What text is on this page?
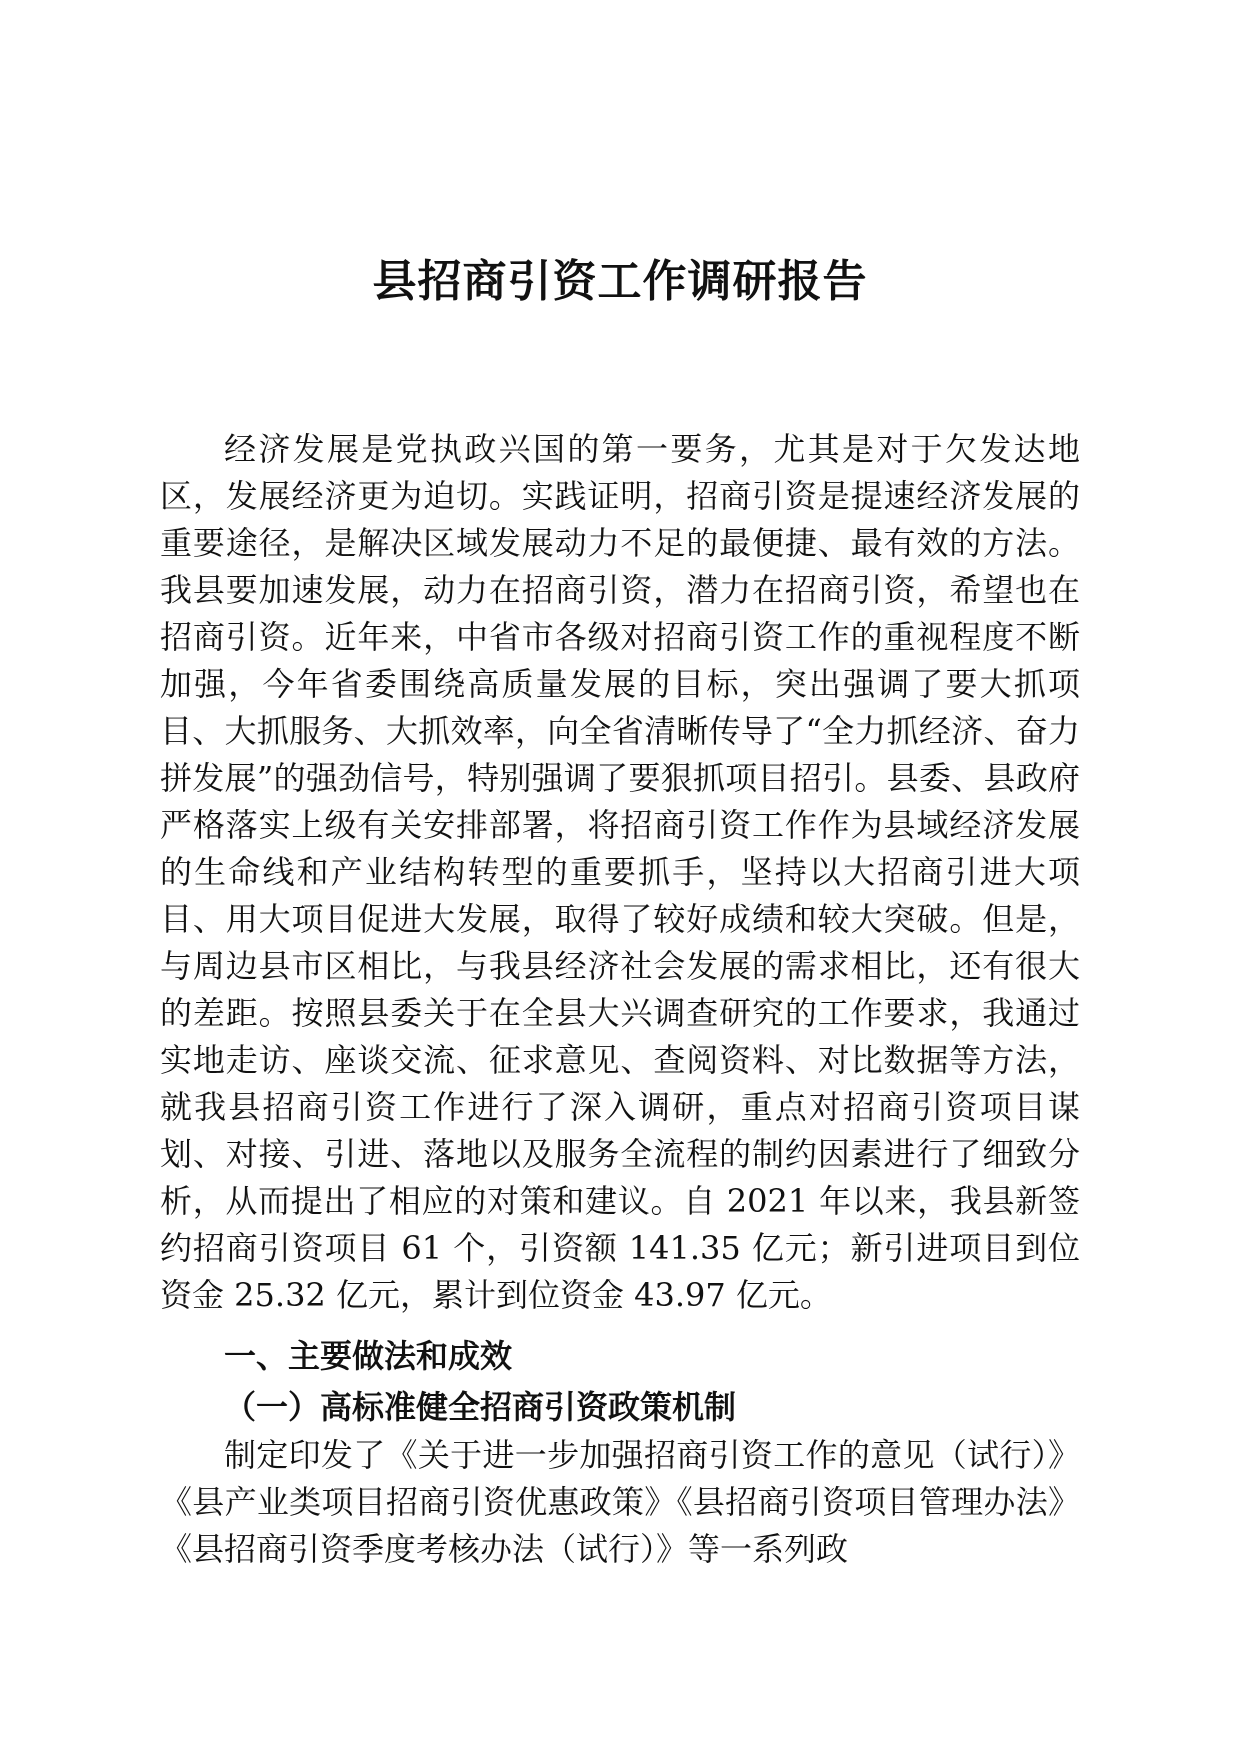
县招商引资工作调研报告

经济发展是党执政兴国的第一要务，尤其是对于欠发达地区，发展经济更为迫切。实践证明，招商引资是提速经济发展的重要途径，是解决区域发展动力不足的最便捷、最有效的方法。我县要加速发展，动力在招商引资，潜力在招商引资，希望也在招商引资。近年来，中省市各级对招商引资工作的重视程度不断加强，今年省委围绕高质量发展的目标，突出强调了要大抓项目、大抓服务、大抓效率，向全省清晰传导了“全力抓经济、奋力拼发展”的强劲信号，特别强调了要狠抓项目招引。县委、县政府严格落实上级有关安排部署，将招商引资工作作为县域经济发展的生命线和产业结构转型的重要抓手，坚持以大招商引进大项目、用大项目促进大发展，取得了较好成绩和较大突破。但是，与周边县市区相比，与我县经济社会发展的需求相比，还有很大的差距。按照县委关于在全县大兴调查研究的工作要求，我通过实地走访、座谈交流、征求意见、查阅资料、对比数据等方法，就我县招商引资工作进行了深入调研，重点对招商引资项目谋划、对接、引进、落地以及服务全流程的制约因素进行了细致分析，从而提出了相应的对策和建议。自 2021 年以来，我县新签约招商引资项目 61 个，引资额 141.35 亿元；新引进项目到位资金 25.32 亿元，累计到位资金 43.97 亿元。

一、主要做法和成效
（一）高标准健全招商引资政策机制

制定印发了《关于进一步加强招商引资工作的意见（试行）》《县产业类项目招商引资优惠政策》《县招商引资项目管理办法》《县招商引资季度考核办法（试行）》等一系列政
